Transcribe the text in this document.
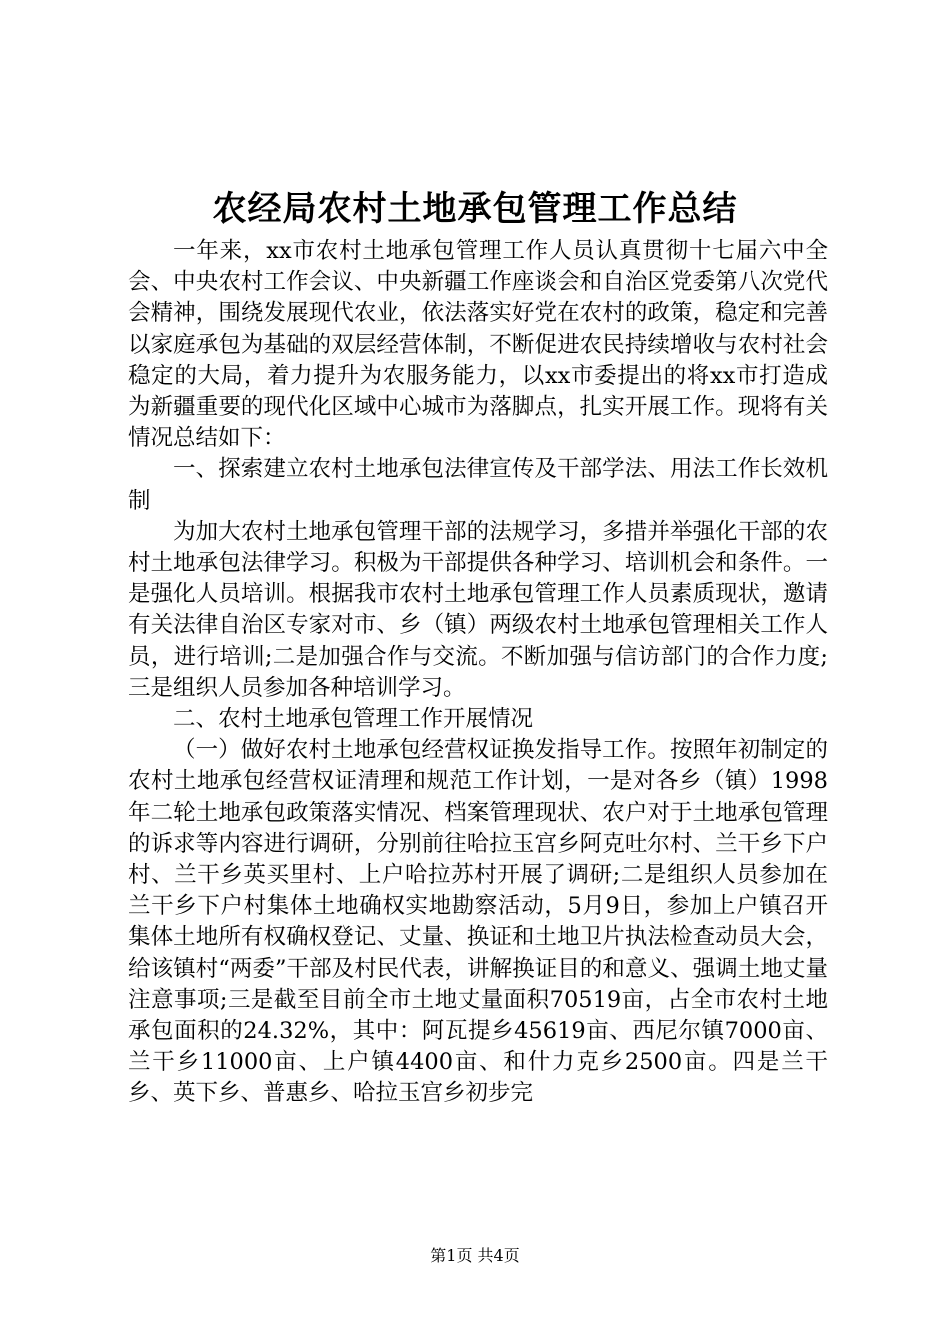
农经局农村土地承包管理工作总结

一年来，xx市农村土地承包管理工作人员认真贯彻十七届六中全会、中央农村工作会议、中央新疆工作座谈会和自治区党委第八次党代会精神，围绕发展现代农业，依法落实好党在农村的政策，稳定和完善以家庭承包为基础的双层经营体制，不断促进农民持续增收与农村社会稳定的大局，着力提升为农服务能力，以xx市委提出的将xx市打造成为新疆重要的现代化区域中心城市为落脚点，扎实开展工作。现将有关情况总结如下：

一、探索建立农村土地承包法律宣传及干部学法、用法工作长效机制

为加大农村土地承包管理干部的法规学习，多措并举强化干部的农村土地承包法律学习。积极为干部提供各种学习、培训机会和条件。一是强化人员培训。根据我市农村土地承包管理工作人员素质现状，邀请有关法律自治区专家对市、乡（镇）两级农村土地承包管理相关工作人员，进行培训;二是加强合作与交流。不断加强与信访部门的合作力度;三是组织人员参加各种培训学习。

二、农村土地承包管理工作开展情况

（一）做好农村土地承包经营权证换发指导工作。按照年初制定的农村土地承包经营权证清理和规范工作计划，一是对各乡（镇）1998年二轮土地承包政策落实情况、档案管理现状、农户对于土地承包管理的诉求等内容进行调研，分别前往哈拉玉宫乡阿克吐尔村、兰干乡下户村、兰干乡英买里村、上户哈拉苏村开展了调研;二是组织人员参加在兰干乡下户村集体土地确权实地勘察活动，5月9日，参加上户镇召开集体土地所有权确权登记、丈量、换证和土地卫片执法检查动员大会，给该镇村“两委”干部及村民代表，讲解换证目的和意义、强调土地丈量注意事项;三是截至目前全市土地丈量面积70519亩，占全市农村土地承包面积的24.32%，其中：阿瓦提乡45619亩、西尼尔镇7000亩、兰干乡11000亩、上户镇4400亩、和什力克乡2500亩。四是兰干乡、英下乡、普惠乡、哈拉玉宫乡初步完

第1页 共4页
